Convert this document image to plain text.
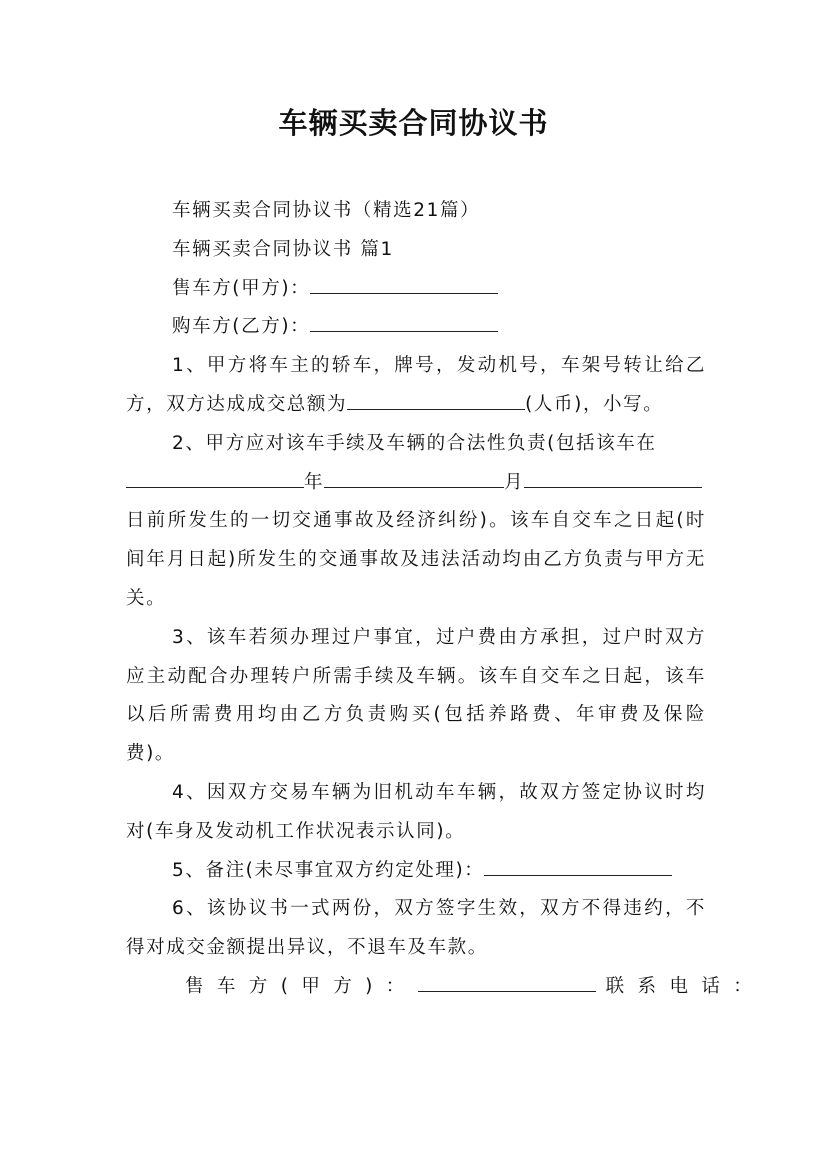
车辆买卖合同协议书
车辆买卖合同协议书（精选21篇）
车辆买卖合同协议书 篇1
售车方(甲方)：
购车方(乙方)：
1、甲方将车主的轿车，牌号，发动机号，车架号转让给乙方，双方达成成交总额为	(人币)，小写。
2、甲方应对该车手续及车辆的合法性负责(包括该车在
年	月
日前所发生的一切交通事故及经济纠纷)。该车自交车之日起(时间年月日起)所发生的交通事故及违法活动均由乙方负责与甲方无关。
3、该车若须办理过户事宜，过户费由方承担，过户时双方应主动配合办理转户所需手续及车辆。该车自交车之日起，该车以后所需费用均由乙方负责购买(包括养路费、年审费及保险费)。
4、因双方交易车辆为旧机动车车辆，故双方签定协议时均对(车身及发动机工作状况表示认同)。
5、备注(未尽事宜双方约定处理)：
6、该协议书一式两份，双方签字生效，双方不得违约，不得对成交金额提出异议，不退车及车款。
售车方(甲方)：	联系电话：
